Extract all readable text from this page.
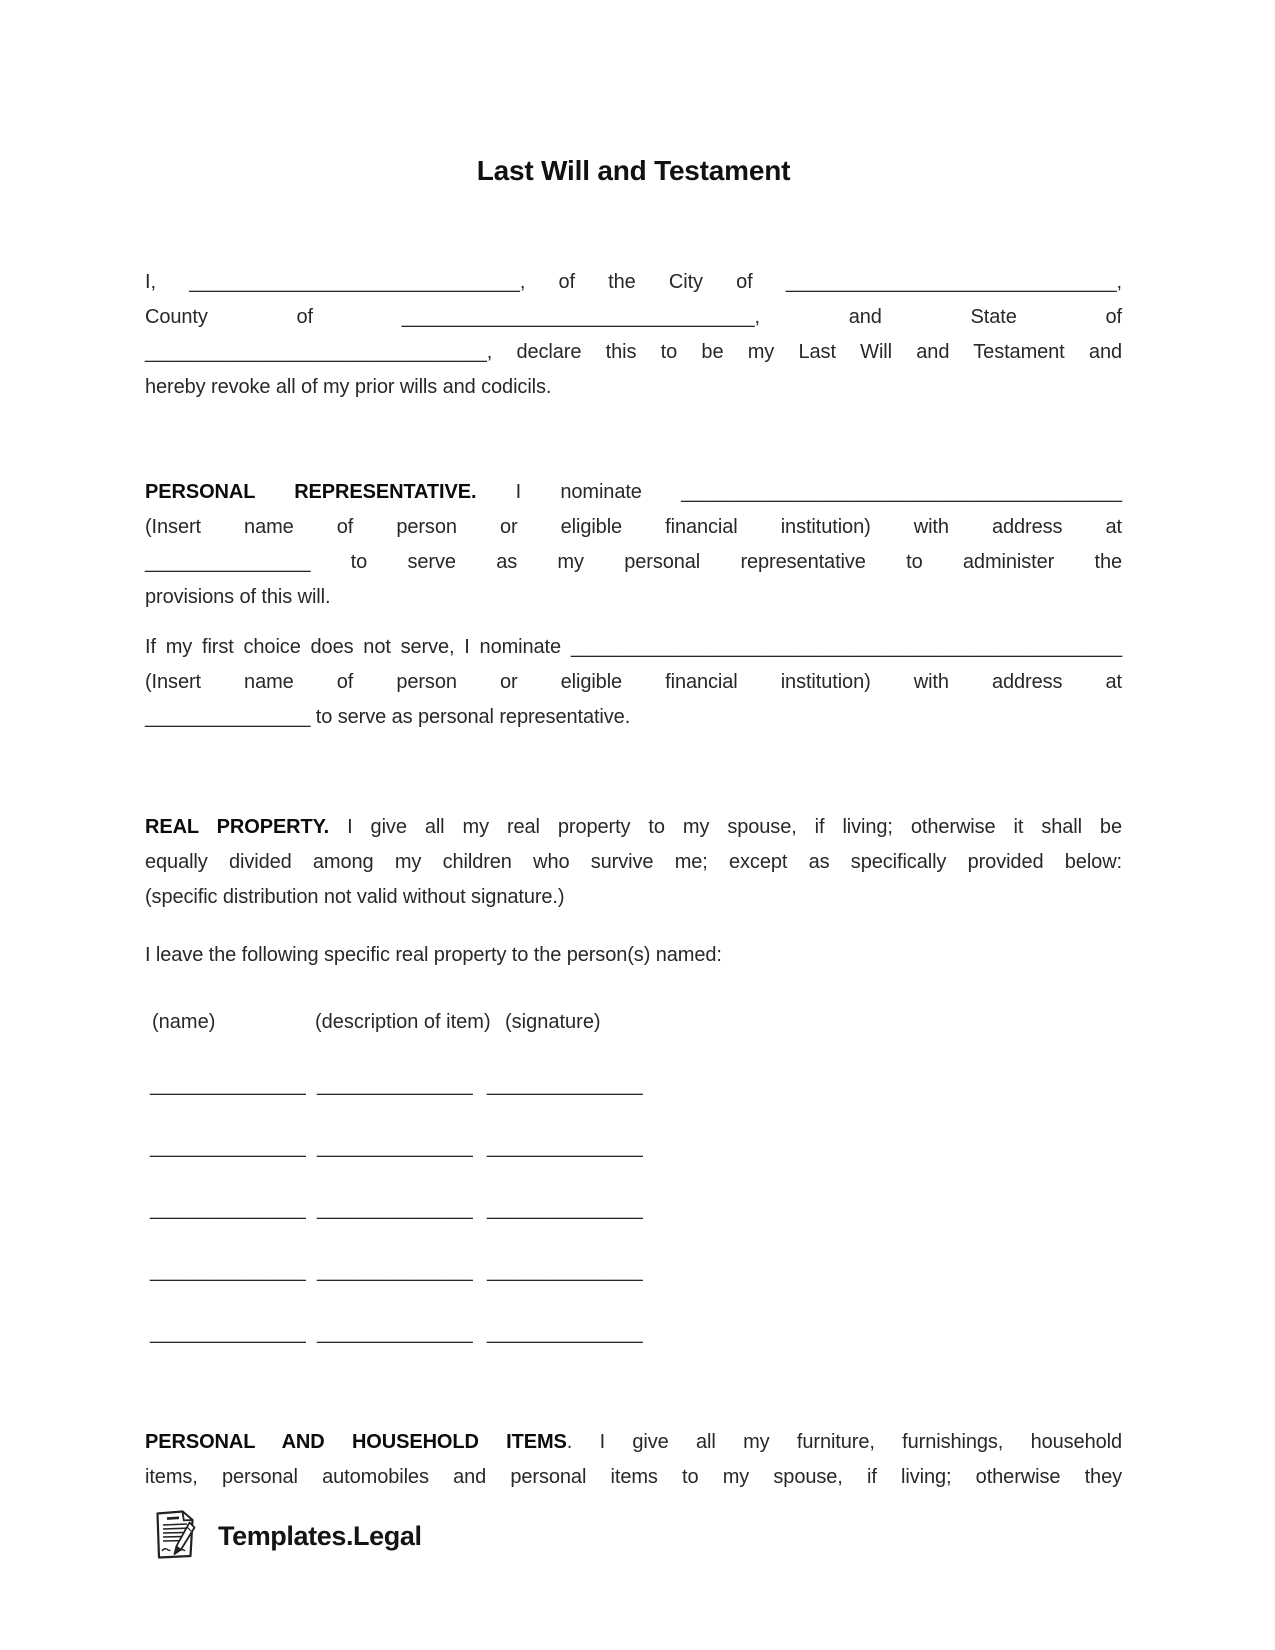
Last Will and Testament
I, ______________________________, of the City of ______________________________,
County of ________________________________, and State of
_______________________________, declare this to be my Last Will and Testament and
hereby revoke all of my prior wills and codicils.
PERSONAL REPRESENTATIVE. I nominate ________________________________________
(Insert name of person or eligible financial institution) with address at
_______________ to serve as my personal representative to administer the
provisions of this will.
If my first choice does not serve, I nominate __________________________________________________
(Insert name of person or eligible financial institution) with address at
_______________ to serve as personal representative.
REAL PROPERTY. I give all my real property to my spouse, if living; otherwise it shall be
equally divided among my children who survive me; except as specifically provided below:
(specific distribution not valid without signature.)
I leave the following specific real property to the person(s) named:
(name)	(description of item) (signature)
______________ ______________ ______________
______________ ______________ ______________
______________ ______________ ______________
______________ ______________ ______________
______________ ______________ ______________
PERSONAL AND HOUSEHOLD ITEMS. I give all my furniture, furnishings, household
items, personal automobiles and personal items to my spouse, if living; otherwise they
Templates.Legal
